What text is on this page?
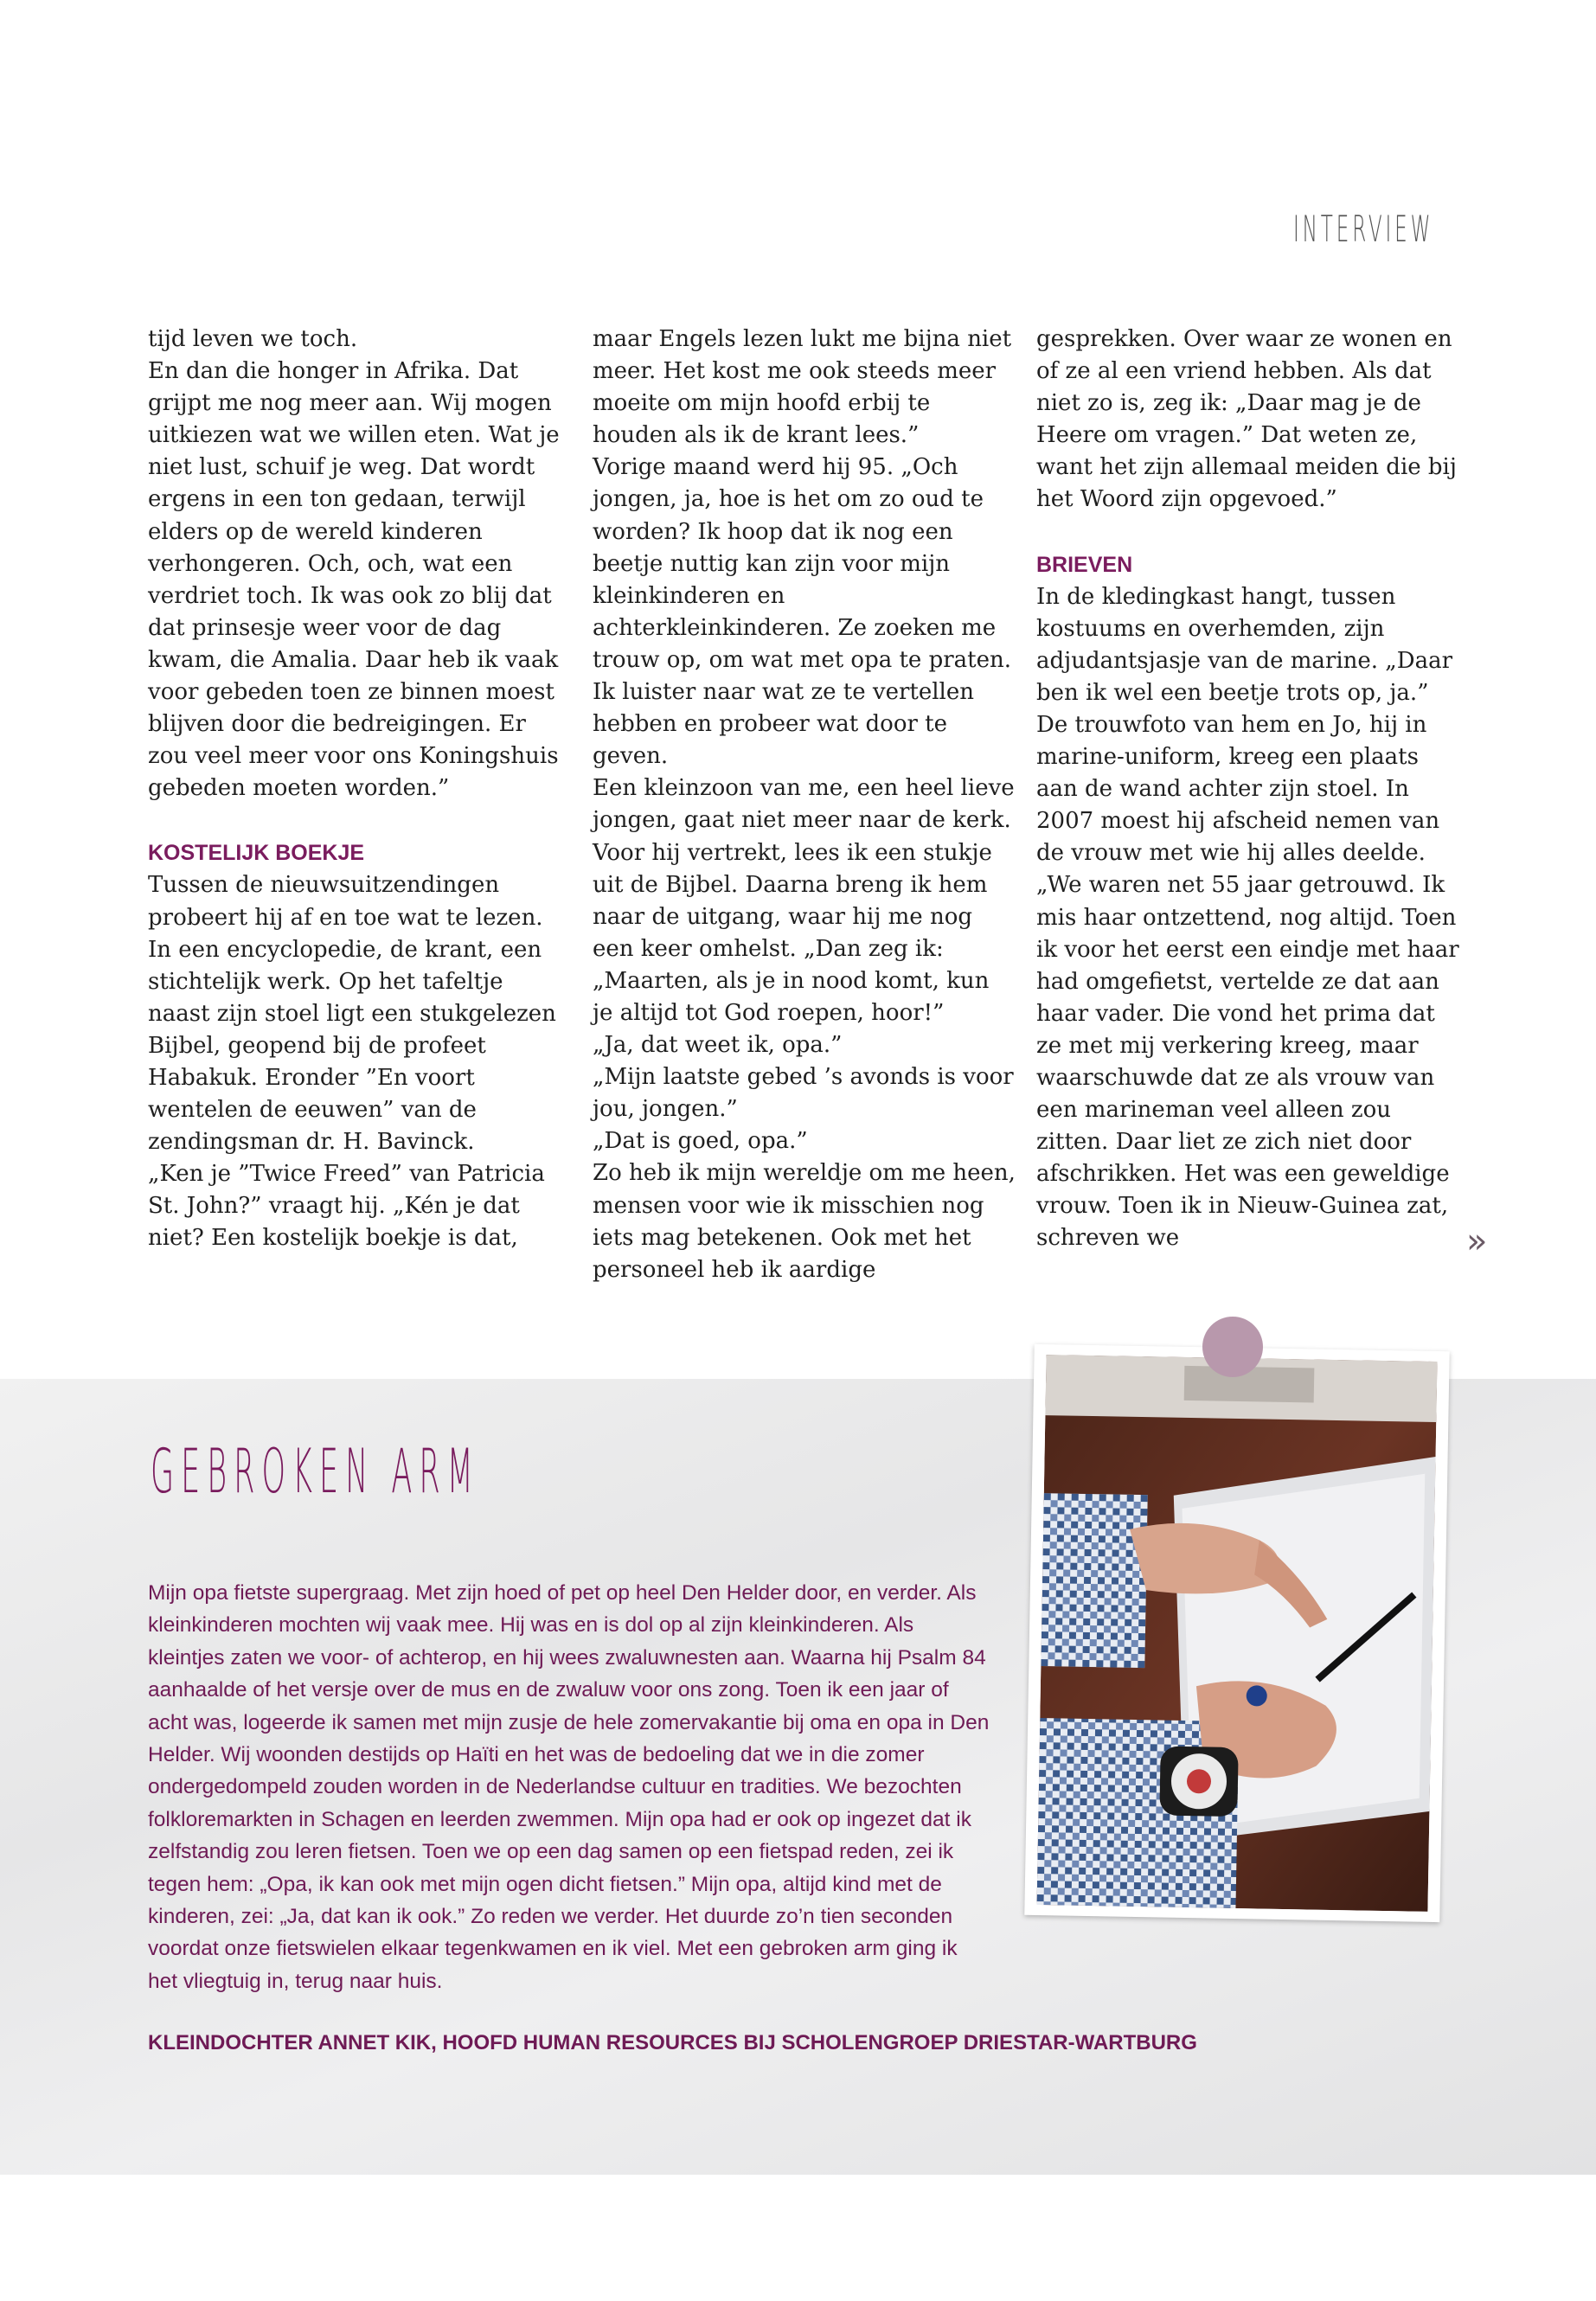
INTERVIEW

tijd leven we toch.

En dan die honger in Afrika. Dat grijpt me nog meer aan. Wij mogen uitkiezen wat we willen eten. Wat je niet lust, schuif je weg. Dat wordt ergens in een ton gedaan, terwijl elders op de wereld kinderen verhongeren. Och, och, wat een verdriet toch. Ik was ook zo blij dat dat prinsesje weer voor de dag kwam, die Amalia. Daar heb ik vaak voor gebeden toen ze binnen moest blijven door die bedreigingen. Er zou veel meer voor ons Koningshuis gebeden moeten worden.”

KOSTELIJK BOEKJE

Tussen de nieuwsuitzendingen probeert hij af en toe wat te lezen. In een encyclopedie, de krant, een stichtelijk werk. Op het tafeltje naast zijn stoel ligt een stukgelezen Bijbel, geopend bij de profeet Habakuk. Eronder ”En voort wentelen de eeuwen” van de zendingsman dr. H. Bavinck.

„Ken je ”Twice Freed” van Patricia St. John?” vraagt hij. „Kén je dat niet? Een kostelijk boekje is dat,

maar Engels lezen lukt me bijna niet meer. Het kost me ook steeds meer moeite om mijn hoofd erbij te houden als ik de krant lees.”

Vorige maand werd hij 95. „Och jongen, ja, hoe is het om zo oud te worden? Ik hoop dat ik nog een beetje nuttig kan zijn voor mijn kleinkinderen en achterkleinkinderen. Ze zoeken me trouw op, om wat met opa te praten. Ik luister naar wat ze te vertellen hebben en probeer wat door te geven.

Een kleinzoon van me, een heel lieve jongen, gaat niet meer naar de kerk. Voor hij vertrekt, lees ik een stukje uit de Bijbel. Daarna breng ik hem naar de uitgang, waar hij me nog een keer omhelst. „Dan zeg ik: „Maarten, als je in nood komt, kun je altijd tot God roepen, hoor!”

„Ja, dat weet ik, opa.”

„Mijn laatste gebed ’s avonds is voor jou, jongen.”

„Dat is goed, opa.”

Zo heb ik mijn wereldje om me heen, mensen voor wie ik misschien nog iets mag betekenen. Ook met het personeel heb ik aardige

gesprekken. Over waar ze wonen en of ze al een vriend hebben. Als dat niet zo is, zeg ik: „Daar mag je de Heere om vragen.” Dat weten ze, want het zijn allemaal meiden die bij het Woord zijn opgevoed.”

BRIEVEN

In de kledingkast hangt, tussen kostuums en overhemden, zijn adjudantsjasje van de marine. „Daar ben ik wel een beetje trots op, ja.” De trouwfoto van hem en Jo, hij in marine-uniform, kreeg een plaats aan de wand achter zijn stoel. In 2007 moest hij afscheid nemen van de vrouw met wie hij alles deelde. „We waren net 55 jaar getrouwd. Ik mis haar ontzettend, nog altijd. Toen ik voor het eerst een eindje met haar had omgefietst, vertelde ze dat aan haar vader. Die vond het prima dat ze met mij verkering kreeg, maar waarschuwde dat ze als vrouw van een marineman veel alleen zou zitten. Daar liet ze zich niet door afschrikken. Het was een geweldige vrouw. Toen ik in Nieuw-Guinea zat, schreven we	»
GEBROKEN ARM

Mijn opa fietste supergraag. Met zijn hoed of pet op heel Den Helder door, en verder. Als kleinkinderen mochten wij vaak mee. Hij was en is dol op al zijn kleinkinderen. Als kleintjes zaten we voor- of achterop, en hij wees zwaluwnesten aan. Waarna hij Psalm 84 aanhaalde of het versje over de mus en de zwaluw voor ons zong. Toen ik een jaar of acht was, logeerde ik samen met mijn zusje de hele zomervakantie bij oma en opa in Den Helder. Wij woonden destijds op Haïti en het was de bedoeling dat we in die zomer ondergedompeld zouden worden in de Nederlandse cultuur en tradities. We bezochten folkloremarkten in Schagen en leerden zwemmen. Mijn opa had er ook op ingezet dat ik zelfstandig zou leren fietsen. Toen we op een dag samen op een fietspad reden, zei ik tegen hem: „Opa, ik kan ook met mijn ogen dicht fietsen.” Mijn opa, altijd kind met de kinderen, zei: „Ja, dat kan ik ook.” Zo reden we verder. Het duurde zo’n tien seconden voordat onze fietswielen elkaar tegenkwamen en ik viel. Met een gebroken arm ging ik het vliegtuig in, terug naar huis.

KLEINDOCHTER ANNET KIK, HOOFD HUMAN RESOURCES BIJ SCHOLENGROEP DRIESTAR-WARTBURG
